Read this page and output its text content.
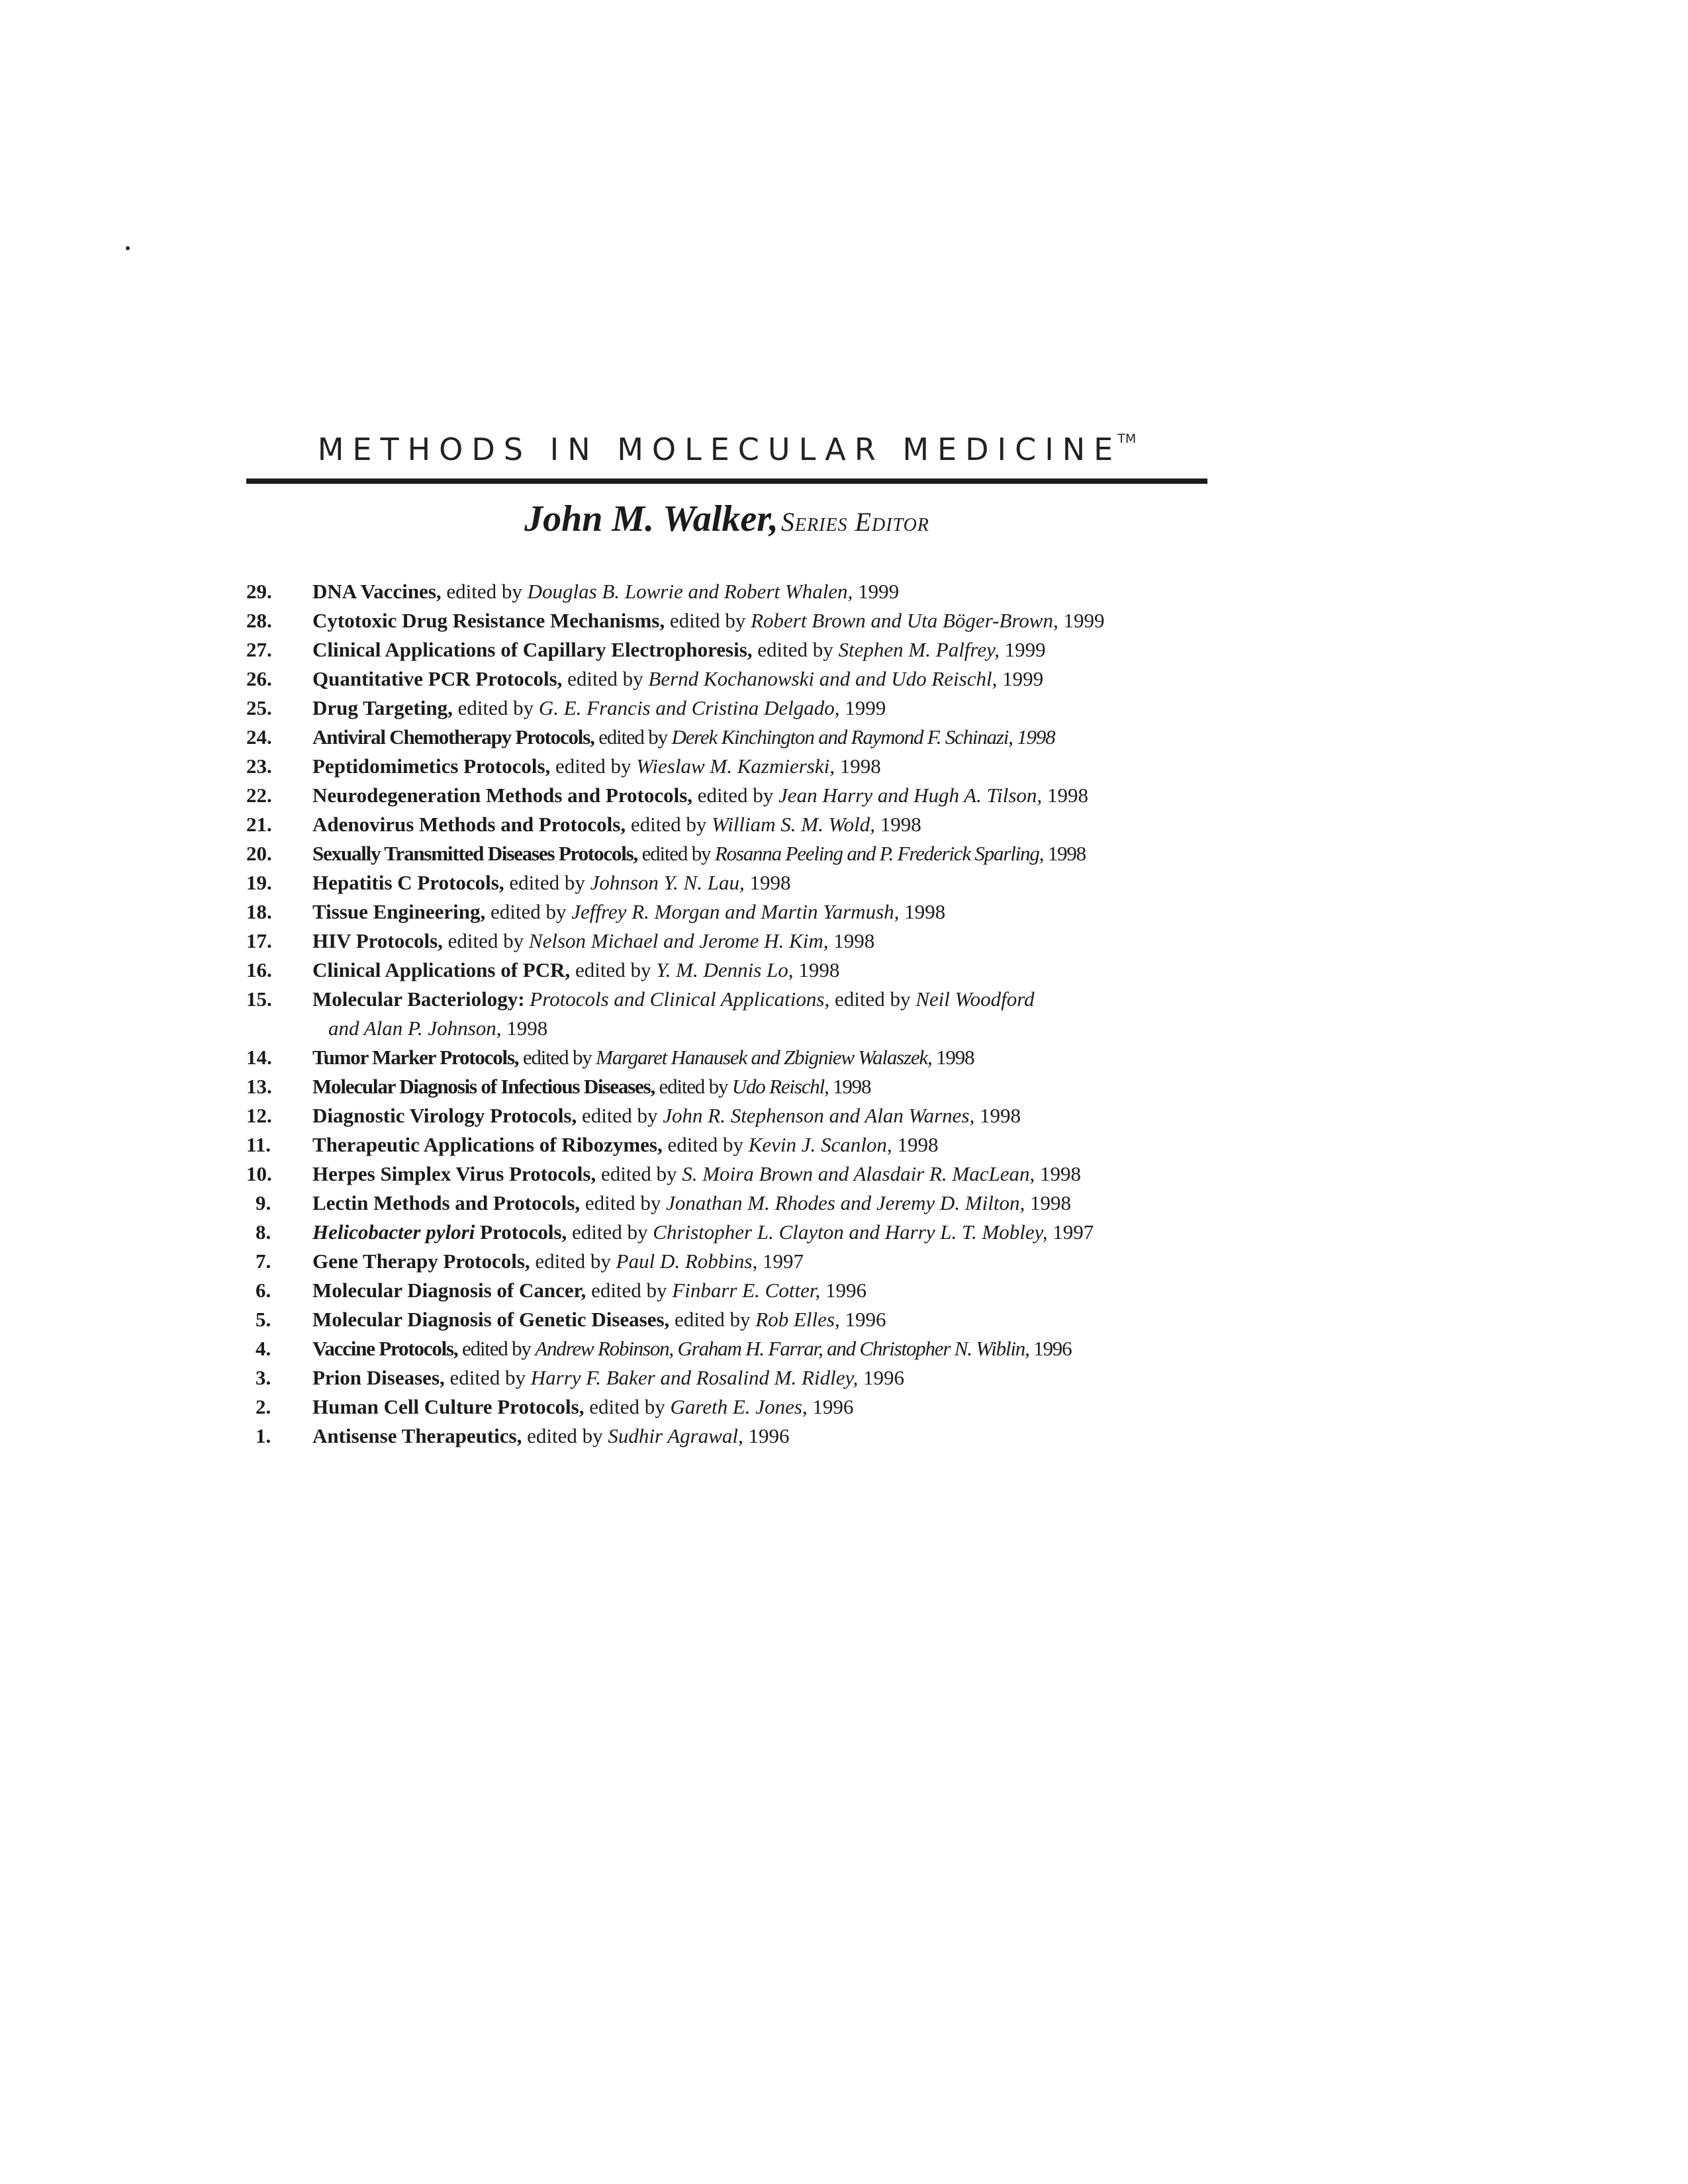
METHODS IN MOLECULAR MEDICINE™
John M. Walker, Series Editor
29.	DNA Vaccines, edited by Douglas B. Lowrie and Robert Whalen, 1999
28.	Cytotoxic Drug Resistance Mechanisms, edited by Robert Brown and Uta Böger-Brown, 1999
27.	Clinical Applications of Capillary Electrophoresis, edited by Stephen M. Palfrey, 1999
26.	Quantitative PCR Protocols, edited by Bernd Kochanowski and and Udo Reischl, 1999
25.	Drug Targeting, edited by G. E. Francis and Cristina Delgado, 1999
24.	Antiviral Chemotherapy Protocols, edited by Derek Kinchington and Raymond F. Schinazi, 1998
23.	Peptidomimetics Protocols, edited by Wieslaw M. Kazmierski, 1998
22.	Neurodegeneration Methods and Protocols, edited by Jean Harry and Hugh A. Tilson, 1998
21.	Adenovirus Methods and Protocols, edited by William S. M. Wold, 1998
20.	Sexually Transmitted Diseases Protocols, edited by Rosanna Peeling and P. Frederick Sparling, 1998
19.	Hepatitis C Protocols, edited by Johnson Y. N. Lau, 1998
18.	Tissue Engineering, edited by Jeffrey R. Morgan and Martin Yarmush, 1998
17.	HIV Protocols, edited by Nelson Michael and Jerome H. Kim, 1998
16.	Clinical Applications of PCR, edited by Y. M. Dennis Lo, 1998
15.	Molecular Bacteriology: Protocols and Clinical Applications, edited by Neil Woodford
and Alan P. Johnson, 1998
14.	Tumor Marker Protocols, edited by Margaret Hanausek and Zbigniew Walaszek, 1998
13.	Molecular Diagnosis of Infectious Diseases, edited by Udo Reischl, 1998
12.	Diagnostic Virology Protocols, edited by John R. Stephenson and Alan Warnes, 1998
11.	Therapeutic Applications of Ribozymes, edited by Kevin J. Scanlon, 1998
10.	Herpes Simplex Virus Protocols, edited by S. Moira Brown and Alasdair R. MacLean, 1998
9.	Lectin Methods and Protocols, edited by Jonathan M. Rhodes and Jeremy D. Milton, 1998
8.	Helicobacter pylori Protocols, edited by Christopher L. Clayton and Harry L. T. Mobley, 1997
7.	Gene Therapy Protocols, edited by Paul D. Robbins, 1997
6.	Molecular Diagnosis of Cancer, edited by Finbarr E. Cotter, 1996
5.	Molecular Diagnosis of Genetic Diseases, edited by Rob Elles, 1996
4.	Vaccine Protocols, edited by Andrew Robinson, Graham H. Farrar, and Christopher N. Wiblin, 1996
3.	Prion Diseases, edited by Harry F. Baker and Rosalind M. Ridley, 1996
2.	Human Cell Culture Protocols, edited by Gareth E. Jones, 1996
1.	Antisense Therapeutics, edited by Sudhir Agrawal, 1996
